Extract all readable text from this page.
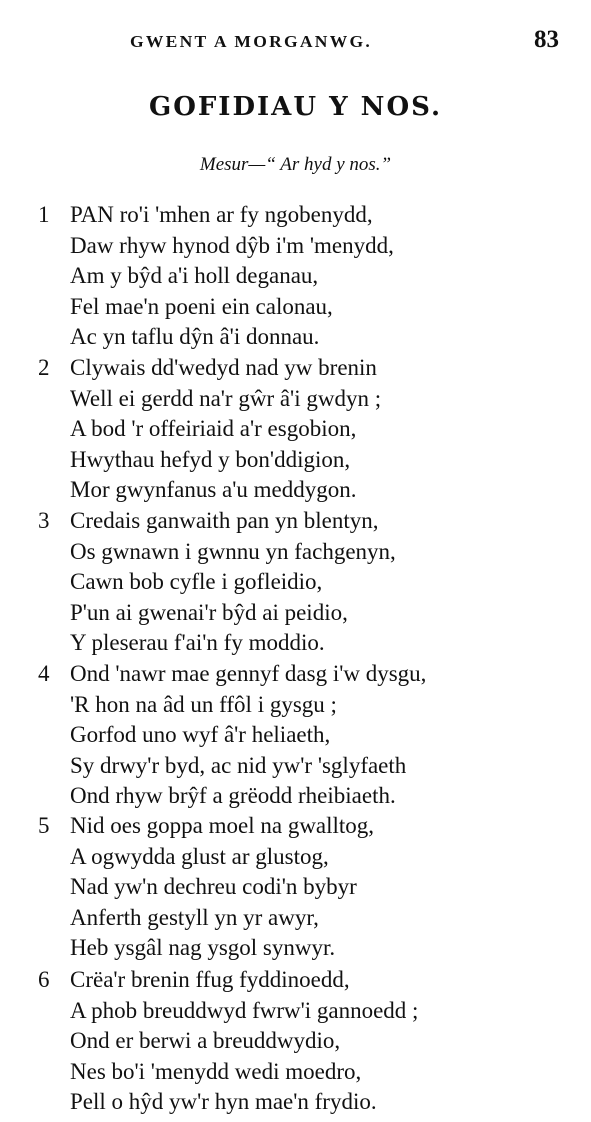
GWENT A MORGANWG.	83
GOFIDIAU Y NOS.
Mesur—“ Ar hyd y nos.”
1 PAN ro'i 'mhen ar fy ngobenydd,
Daw rhyw hynod dŷb i'm 'menydd,
Am y bŷd a'i holl deganau,
Fel mae'n poeni ein calonau,
Ac yn taflu dŷn â'i donnau.
2 Clywais dd'wedyd nad yw brenin
Well ei gerdd na'r gŵr â'i gwdyn ;
A bod 'r offeiriaid a'r esgobion,
Hwythau hefyd y bon'ddigion,
Mor gwynfanus a'u meddygon.
3 Credais ganwaith pan yn blentyn,
Os gwnawn i gwnnu yn fachgenyn,
Cawn bob cyfle i gofleidio,
P'un ai gwenai'r bŷd ai peidio,
Y pleserau f'ai'n fy moddio.
4 Ond 'nawr mae gennyf dasg i'w dysgu,
'R hon na âd un ffôl i gysgu ;
Gorfod uno wyf â'r heliaeth,
Sy drwy'r byd, ac nid yw'r 'sglyfaeth
Ond rhyw brŷf a grëodd rheibiaeth.
5 Nid oes goppa moel na gwalltog,
A ogwydda glust ar glustog,
Nad yw'n dechreu codi'n bybyr
Anferth gestyll yn yr awyr,
Heb ysgâl nag ysgol synwyr.
6 Crëa'r brenin ffug fyddinoedd,
A phob breuddwyd fwrw'i gannoedd ;
Ond er berwi a breuddwydio,
Nes bo'i 'menydd wedi moedro,
Pell o hŷd yw'r hyn mae'n frydio.
